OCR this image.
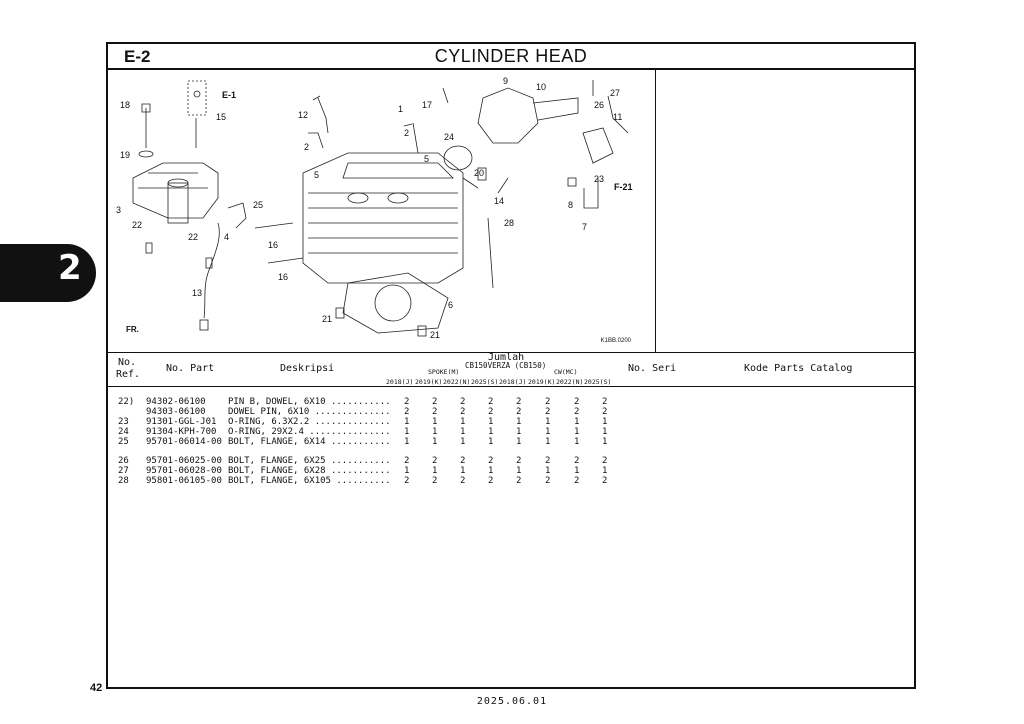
2
E-2	CYLINDER HEAD
18
15
E-1
19
3
22
22	4
25
13
FR.
12
1
2
17
24
2
5
5
16
16
21
21
6
9
10
27
26
11
20
14
28
23
F-21
8
7
K1BB.0200
No.
Ref.
No. Part	Deskripsi
Jumlah
CB150VERZA (CB150)
SPOKE(M)	CW(MC)
2018(J) 2019(K) 2022(N) 2025(S) 2018(J) 2019(K) 2022(N) 2025(S)
No. Seri	Kode Parts Catalog
22) 94302-06100 PIN B, DOWEL, 6X10 ........... 2	2	2	2	2	2	2	2
94303-06100 DOWEL PIN, 6X10 .............. 2	2	2	2	2	2	2	2
23 91301-GGL-J01 O-RING, 6.3X2.2 .............. 1	1	1	1	1	1	1	1
24 91304-KPH-700 O-RING, 29X2.4 ............... 1	1	1	1	1	1	1	1
25 95701-06014-00 BOLT, FLANGE, 6X14 ........... 1	1	1	1	1	1	1	1
26 95701-06025-00 BOLT, FLANGE, 6X25 ........... 2	2	2	2	2	2	2	2
27 95701-06028-00 BOLT, FLANGE, 6X28 ........... 1	1	1	1	1	1	1	1
28 95801-06105-00 BOLT, FLANGE, 6X105 .......... 2	2	2	2	2	2	2	2
42
2025.06.01
